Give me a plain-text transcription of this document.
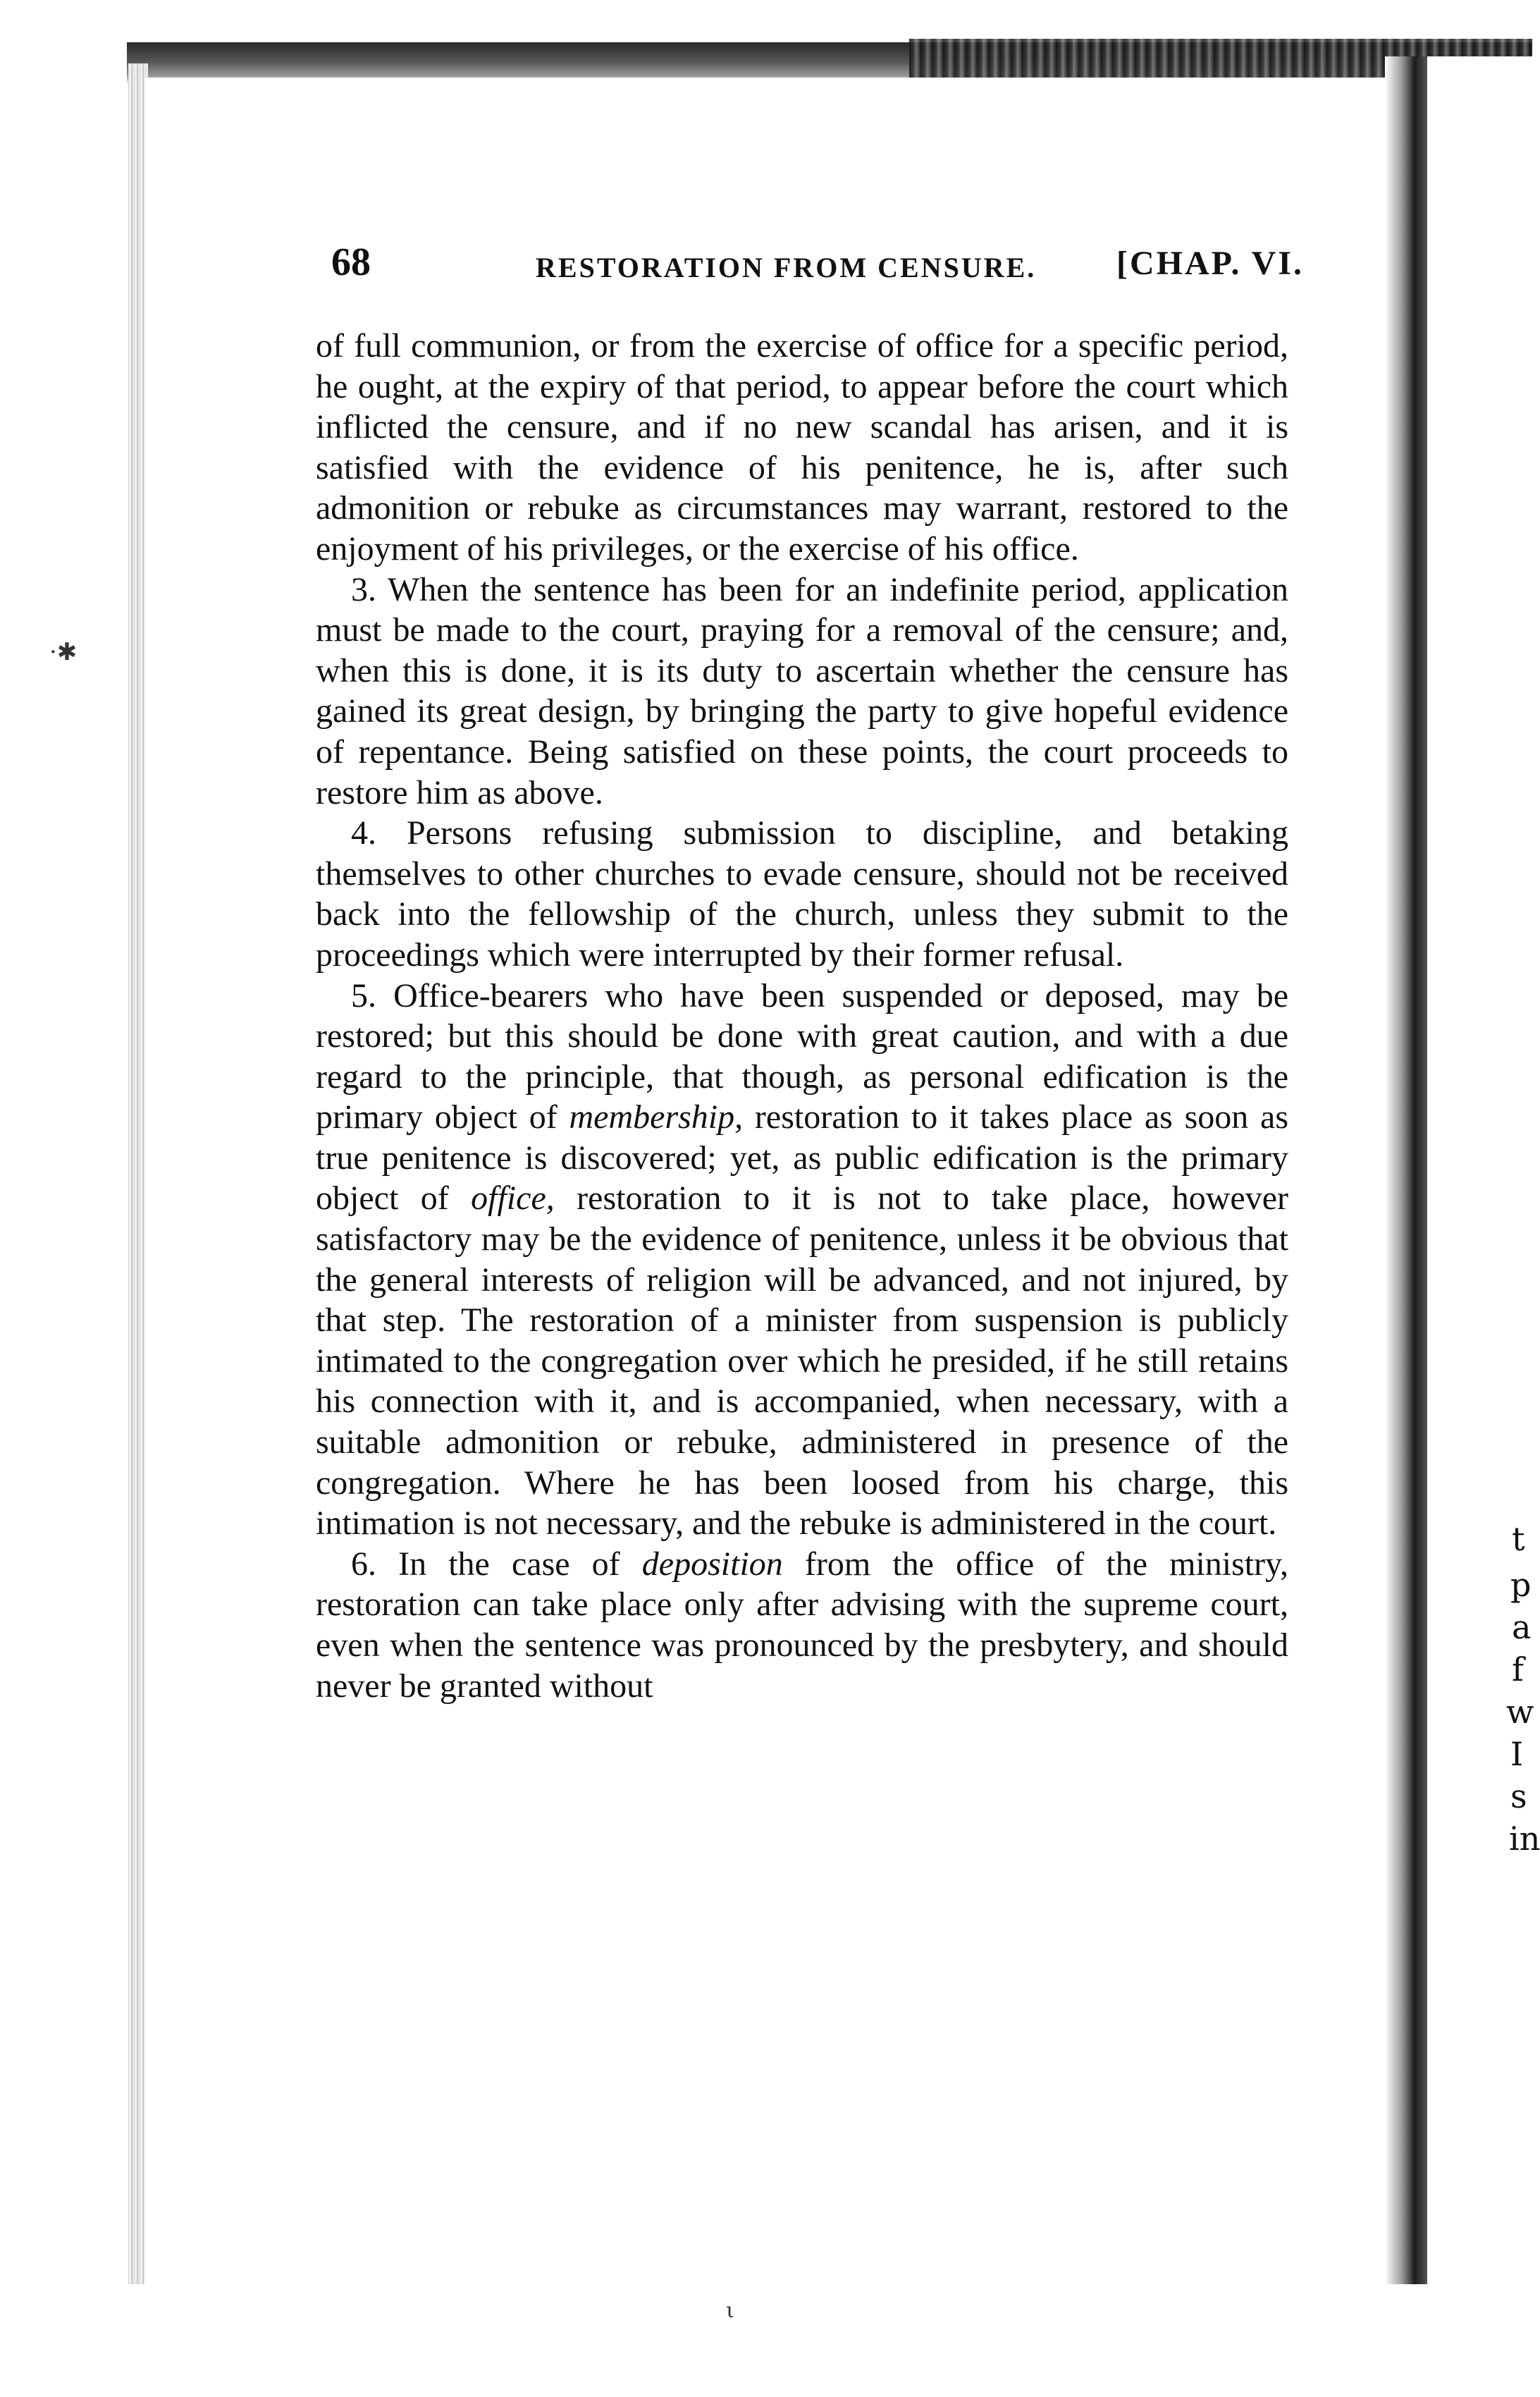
t
p
a
f
w
I
s
in
·✱
ι
68	RESTORATION FROM CENSURE. [CHAP. VI.

of full communion, or from the exercise of office for a specific period, he ought, at the expiry of that period, to appear before the court which inflicted the censure, and if no new scandal has arisen, and it is satisfied with the evidence of his penitence, he is, after such admonition or rebuke as circumstances may warrant, restored to the enjoyment of his privileges, or the exercise of his office.

3. When the sentence has been for an indefinite period, application must be made to the court, praying for a removal of the censure; and, when this is done, it is its duty to ascertain whether the censure has gained its great design, by bringing the party to give hopeful evidence of repentance. Being satisfied on these points, the court proceeds to restore him as above.

4. Persons refusing submission to discipline, and betaking themselves to other churches to evade censure, should not be received back into the fellowship of the church, unless they submit to the proceedings which were interrupted by their former refusal.

5. Office-bearers who have been suspended or deposed, may be restored; but this should be done with great caution, and with a due regard to the principle, that though, as personal edification is the primary object of membership, restoration to it takes place as soon as true penitence is discovered; yet, as public edification is the primary object of office, restoration to it is not to take place, however satisfactory may be the evidence of penitence, unless it be obvious that the general interests of religion will be advanced, and not injured, by that step. The restoration of a minister from suspension is publicly intimated to the congregation over which he presided, if he still retains his connection with it, and is accompanied, when necessary, with a suitable admonition or rebuke, administered in presence of the congregation. Where he has been loosed from his charge, this intimation is not necessary, and the rebuke is administered in the court.

6. In the case of deposition from the office of the ministry, restoration can take place only after advising with the supreme court, even when the sentence was pronounced by the presbytery, and should never be granted without
